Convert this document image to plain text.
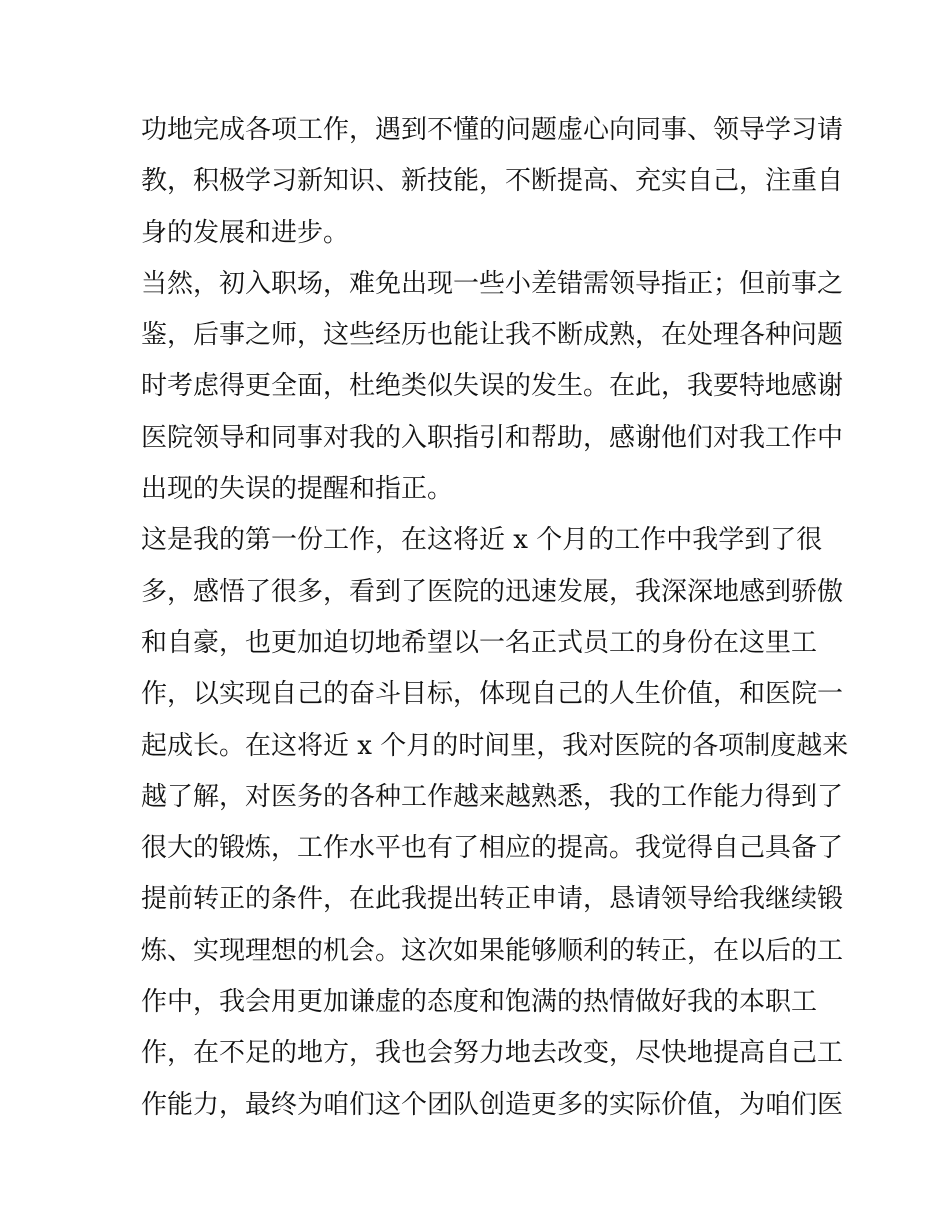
功地完成各项工作，遇到不懂的问题虚心向同事、领导学习请
教，积极学习新知识、新技能，不断提高、充实自己，注重自
身的发展和进步。
当然，初入职场，难免出现一些小差错需领导指正；但前事之
鉴，后事之师，这些经历也能让我不断成熟，在处理各种问题
时考虑得更全面，杜绝类似失误的发生。在此，我要特地感谢
医院领导和同事对我的入职指引和帮助，感谢他们对我工作中
出现的失误的提醒和指正。
这是我的第一份工作，在这将近 x 个月的工作中我学到了很
多，感悟了很多，看到了医院的迅速发展，我深深地感到骄傲
和自豪，也更加迫切地希望以一名正式员工的身份在这里工
作，以实现自己的奋斗目标，体现自己的人生价值，和医院一
起成长。在这将近 x 个月的时间里，我对医院的各项制度越来
越了解，对医务的各种工作越来越熟悉，我的工作能力得到了
很大的锻炼，工作水平也有了相应的提高。我觉得自己具备了
提前转正的条件，在此我提出转正申请，恳请领导给我继续锻
炼、实现理想的机会。这次如果能够顺利的转正，在以后的工
作中，我会用更加谦虚的态度和饱满的热情做好我的本职工
作，在不足的地方，我也会努力地去改变，尽快地提高自己工
作能力，最终为咱们这个团队创造更多的实际价值，为咱们医
